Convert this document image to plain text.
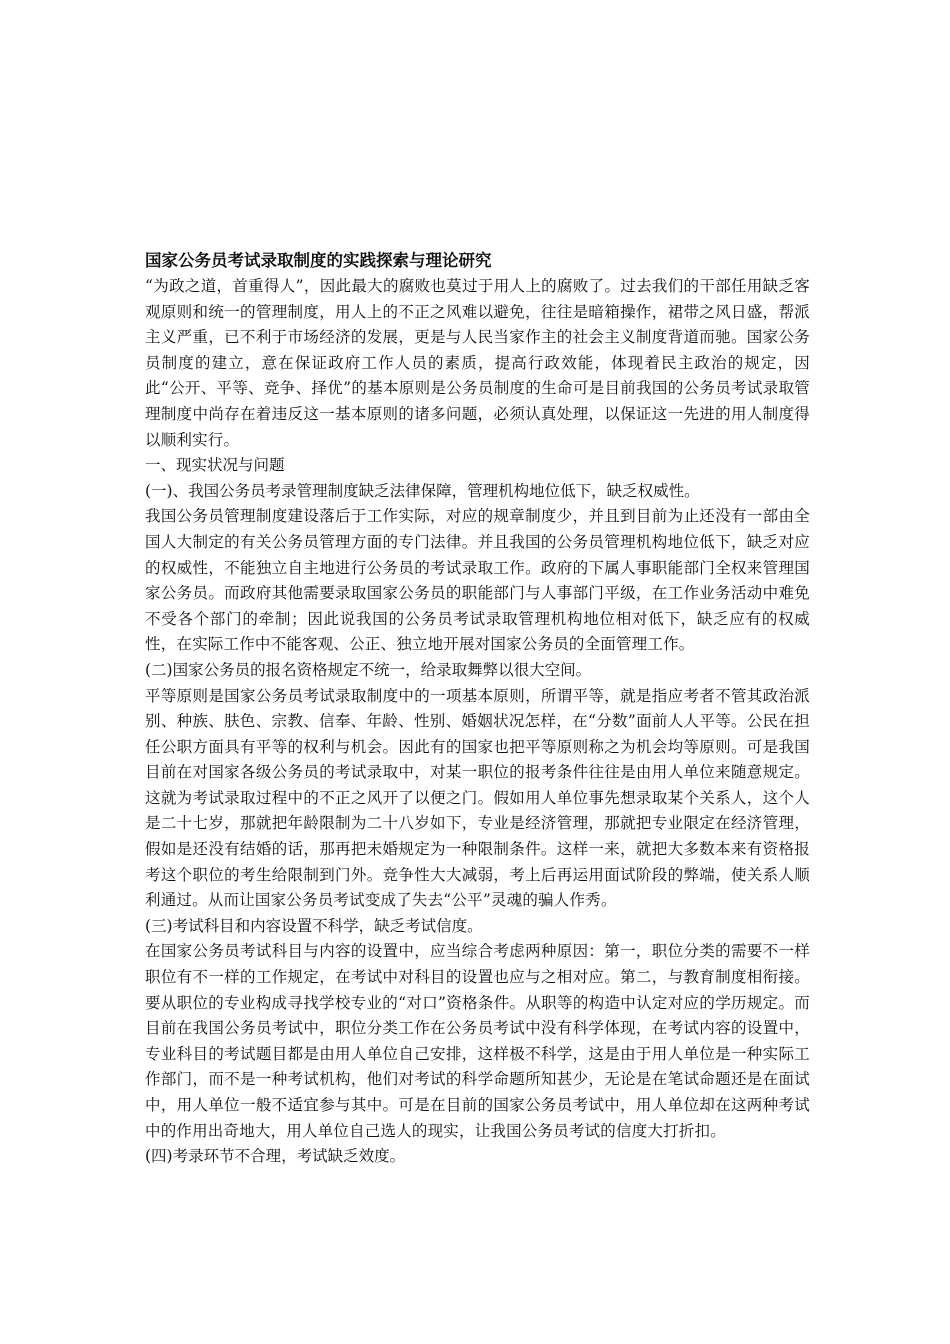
国家公务员考试录取制度的实践探索与理论研究

“为政之道，首重得人”，因此最大的腐败也莫过于用人上的腐败了。过去我们的干部任用缺乏客观原则和统一的管理制度，用人上的不正之风难以避免，往往是暗箱操作，裙带之风日盛，帮派主义严重，已不利于市场经济的发展，更是与人民当家作主的社会主义制度背道而驰。国家公务员制度的建立，意在保证政府工作人员的素质，提高行政效能，体现着民主政治的规定，因此“公开、平等、竞争、择优”的基本原则是公务员制度的生命可是目前我国的公务员考试录取管理制度中尚存在着违反这一基本原则的诸多问题，必须认真处理，以保证这一先进的用人制度得以顺利实行。

一、现实状况与问题

(一)、我国公务员考录管理制度缺乏法律保障，管理机构地位低下，缺乏权威性。

我国公务员管理制度建设落后于工作实际，对应的规章制度少，并且到目前为止还没有一部由全国人大制定的有关公务员管理方面的专门法律。并且我国的公务员管理机构地位低下，缺乏对应的权威性，不能独立自主地进行公务员的考试录取工作。政府的下属人事职能部门全权来管理国家公务员。而政府其他需要录取国家公务员的职能部门与人事部门平级，在工作业务活动中难免不受各个部门的牵制；因此说我国的公务员考试录取管理机构地位相对低下，缺乏应有的权威性，在实际工作中不能客观、公正、独立地开展对国家公务员的全面管理工作。

(二)国家公务员的报名资格规定不统一，给录取舞弊以很大空间。

平等原则是国家公务员考试录取制度中的一项基本原则，所谓平等，就是指应考者不管其政治派别、种族、肤色、宗教、信奉、年龄、性别、婚姻状况怎样，在“分数”面前人人平等。公民在担任公职方面具有平等的权利与机会。因此有的国家也把平等原则称之为机会均等原则。可是我国目前在对国家各级公务员的考试录取中，对某一职位的报考条件往往是由用人单位来随意规定。这就为考试录取过程中的不正之风开了以便之门。假如用人单位事先想录取某个关系人，这个人是二十七岁，那就把年龄限制为二十八岁如下，专业是经济管理，那就把专业限定在经济管理，假如是还没有结婚的话，那再把未婚规定为一种限制条件。这样一来，就把大多数本来有资格报考这个职位的考生给限制到门外。竞争性大大减弱，考上后再运用面试阶段的弊端，使关系人顺利通过。从而让国家公务员考试变成了失去“公平”灵魂的骗人作秀。

(三)考试科目和内容设置不科学，缺乏考试信度。

在国家公务员考试科目与内容的设置中，应当综合考虑两种原因：第一，职位分类的需要不一样职位有不一样的工作规定，在考试中对科目的设置也应与之相对应。第二，与教育制度相衔接。要从职位的专业构成寻找学校专业的“对口”资格条件。从职等的构造中认定对应的学历规定。而目前在我国公务员考试中，职位分类工作在公务员考试中没有科学体现，在考试内容的设置中，专业科目的考试题目都是由用人单位自己安排，这样极不科学，这是由于用人单位是一种实际工作部门，而不是一种考试机构，他们对考试的科学命题所知甚少，无论是在笔试命题还是在面试中，用人单位一般不适宜参与其中。可是在目前的国家公务员考试中，用人单位却在这两种考试中的作用出奇地大，用人单位自己选人的现实，让我国公务员考试的信度大打折扣。

(四)考录环节不合理，考试缺乏效度。
